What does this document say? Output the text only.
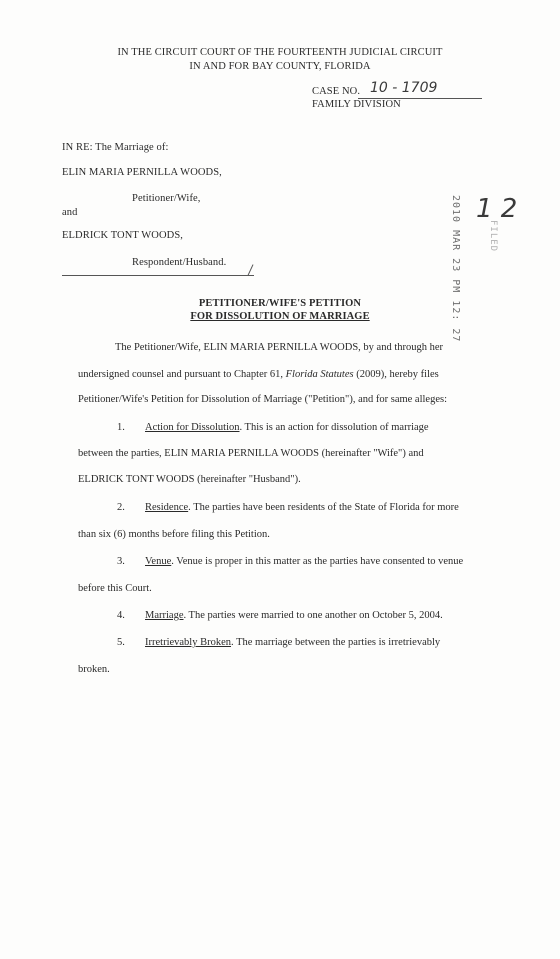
IN THE CIRCUIT COURT OF THE FOURTEENTH JUDICIAL CIRCUIT
IN AND FOR BAY COUNTY, FLORIDA
CASE NO. 10 - 1709
FAMILY DIVISION
IN RE: The Marriage of:
ELIN MARIA PERNILLA WOODS,
Petitioner/Wife,
and
ELDRICK TONT WOODS,
Respondent/Husband.	2010 MAR 23 PM 12: 27	FILED
1 2
PETITIONER/WIFE'S PETITION
FOR DISSOLUTION OF MARRIAGE
The Petitioner/Wife, ELIN MARIA PERNILLA WOODS, by and through her
undersigned counsel and pursuant to Chapter 61, Florida Statutes (2009), hereby files
Petitioner/Wife's Petition for Dissolution of Marriage ("Petition"), and for same alleges:
1. Action for Dissolution. This is an action for dissolution of marriage
between the parties, ELIN MARIA PERNILLA WOODS (hereinafter "Wife") and
ELDRICK TONT WOODS (hereinafter "Husband").
2. Residence. The parties have been residents of the State of Florida for more
than six (6) months before filing this Petition.
3. Venue. Venue is proper in this matter as the parties have consented to venue
before this Court.
4. Marriage. The parties were married to one another on October 5, 2004.
5. Irretrievably Broken. The marriage between the parties is irretrievably
broken.
